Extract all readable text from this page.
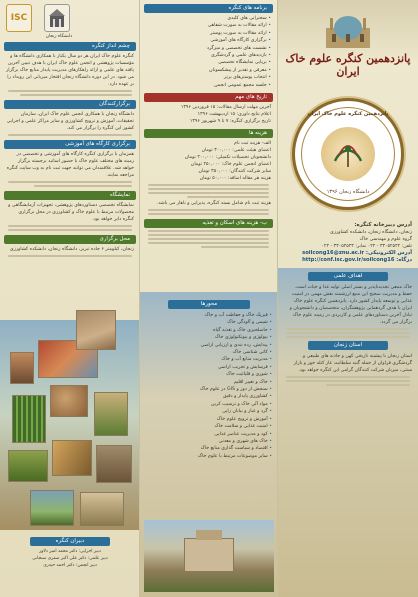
ISC
دانشگاه زنجان
چشم انداز کنگره
کنگره علوم خاک ایران هر دو سال یکبار با همکاری دانشگاه ها و مؤسسات پژوهشی و انجمن علوم خاک ایران با هدف تبیین آخرین یافته های علمی و ارائه راهکارهای مدیریت پایدار منابع خاک برگزار می شود. در این دوره دانشگاه زنجان افتخار میزبانی این رویداد را بر عهده دارد.
برگزارکنندگان
دانشگاه زنجان با همکاری انجمن علوم خاک ایران، سازمان تحقیقات، آموزش و ترویج کشاورزی و سایر مراکز علمی و اجرایی کشور این کنگره را برگزار می کند.
برگزاری کارگاه های آموزشی
همزمان با برگزاری کنگره کارگاه های آموزشی و تخصصی در زمینه های مختلف علوم خاک با حضور اساتید برجسته برگزار خواهد شد. علاقمندان می توانند جهت ثبت نام به وب سایت کنگره مراجعه نمایند.
نمایشگاه
نمایشگاه تخصصی دستاوردهای پژوهشی، تجهیزات آزمایشگاهی و محصولات مرتبط با علوم خاک و کشاورزی در محل برگزاری کنگره دایر خواهد بود.
محل برگزاری
زنجان، کیلومتر ۶ جاده تبریز، دانشگاه زنجان، دانشکده کشاورزی
دبیران کنگره
دبیر اجرایی: دکتر محمد امیر دلاور
دبیر علمی: دکتر علی اکبر صفری سنجانی
دبیر انجمن: دکتر احمد حیدری
برنامه های کنگره
• سخنرانی های کلیدی
• ارائه مقالات به صورت شفاهی
• ارائه مقالات به صورت پوستر
• برگزاری کارگاه های آموزشی
• نشست های تخصصی و میزگرد
• بازدیدهای علمی و گردشگری
• برپایی نمایشگاه تخصصی
• معرفی و تقدیر از پیشکسوتان
• انتخاب پوسترهای برتر
• جلسه مجمع عمومی انجمن
تاریخ های مهم
آخرین مهلت ارسال مقالات: ۱۵ فروردین ۱۳۹۶
اعلام نتایج داوری: ۱۵ اردیبهشت ۱۳۹۶
تاریخ برگزاری کنگره: ۷ تا ۹ شهریور ۱۳۹۶
هزینه ها
الف- هزینه ثبت نام
اعضای هیئت علمی: ۳۰۰,۰۰۰ تومان
دانشجویان تحصیلات تکمیلی: ۲۰۰,۰۰۰ تومان
اعضای انجمن علوم خاک: ۲۵۰,۰۰۰ تومان
سایر شرکت کنندگان: ۳۵۰,۰۰۰ تومان
هزینه هر مقاله اضافه: ۵۰,۰۰۰ تومان
هزینه ثبت نام شامل بسته کنگره، پذیرایی و ناهار می باشد.
ب- هزینه های اسکان و تغذیه
محورها
• فیزیک خاک و حفاظت آب و خاک
• شیمی و آلودگی خاک
• حاصلخیزی خاک و تغذیه گیاه
• بیولوژی و بیوتکنولوژی خاک
• پیدایش، رده بندی و ارزیابی اراضی
• کانی شناسی خاک
• مدیریت منابع آب و خاک
• فرسایش و تخریب اراضی
• شوری و قلیائیت خاک
• خاک و تغییر اقلیم
• سنجش از دور و GIS در علوم خاک
• کشاورزی پایدار و دقیق
• مواد آلی خاک و ترسیب کربن
• گرد و غبار و بیابان زایی
• آموزش و ترویج علوم خاک
• امنیت غذایی و سلامت خاک
• کود و مدیریت عناصر غذایی
• خاک های شهری و معدنی
• اقتصاد و سیاست گذاری منابع خاک
• سایر موضوعات مرتبط با علوم خاک
پانزدهمین کنگره علوم خاک ایران
پانزدهمین کنگره علوم خاک ایران
دانشگاه زنجان ۱۳۹۶
آدرس دبیرخانه کنگره:
زنجان، دانشگاه زنجان، دانشکده کشاورزی
گروه علوم و مهندسی خاک
تلفن: ۳۳۰۵۲۵۴۲ - ۰۲۴ نمابر: ۳۳۰۵۲۵۴۳ - ۰۲۴
آدرس الکترونیکی: soilcong16@znu.ac.ir
درگاه: http://conf.isc.gov.ir/soilcong16
اهداف علمی
خاک منبعی تجدیدناپذیر و بستر اصلی تولید غذا و حیات است. حفظ و مدیریت صحیح این منبع ارزشمند نقش مهمی در امنیت غذایی و توسعه پایدار کشور دارد. پانزدهمین کنگره علوم خاک ایران با هدف گردهمایی پژوهشگران، متخصصان و دانشجویان و تبادل آخرین دستاوردهای علمی و کاربردی در زمینه علوم خاک برگزار می گردد.
استان زنجان
استان زنجان با پیشینه تاریخی کهن و جاذبه های طبیعی و گردشگری فراوان از جمله گنبد سلطانیه، غار کتله خور و بازار سنتی، میزبان شرکت کنندگان گرامی این کنگره خواهد بود.
